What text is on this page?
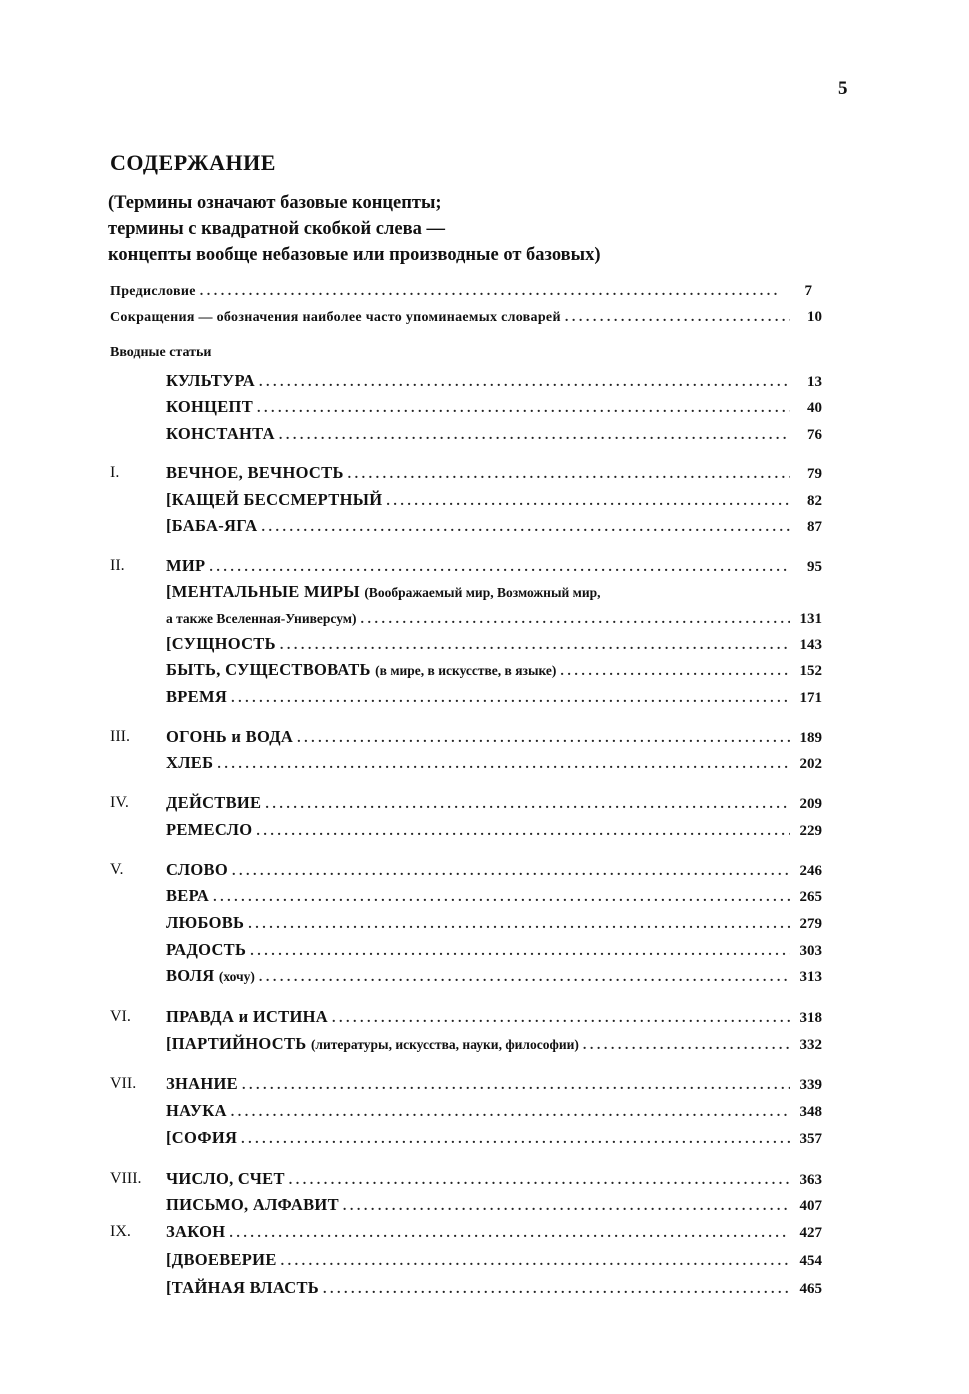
5
СОДЕРЖАНИЕ
(Термины означают базовые концепты;
термины с квадратной скобкой слева —
концепты вообще небазовые или производные от базовых)
Предисловие . . .	7
Сокращения — обозначения наиболее часто упоминаемых словарей . . .	10
Вводные статьи
КУЛЬТУРА . . .	13
КОНЦЕПТ . . .	40
КОНСТАНТА . . .	76
I.	ВЕЧНОЕ, ВЕЧНОСТЬ . . .	79
[КАЩЕЙ БЕССМЕРТНЫЙ . . .	82
[БАБА-ЯГА . . .	87
II.	МИР . . .	95
[МЕНТАЛЬНЫЕ МИРЫ (Воображаемый мир, Возможный мир,
а также Вселенная-Универсум) . . .	131
[СУЩНОСТЬ . . .	143
БЫТЬ, СУЩЕСТВОВАТЬ (в мире, в искусстве, в языке) . . .	152
ВРЕМЯ . . .	171
III. ОГОНЬ и ВОДА . . .	189
ХЛЕБ . . .	202
IV. ДЕЙСТВИЕ . . .	209
РЕМЕСЛО . . .	229
V.	СЛОВО . . .	246
ВЕРА . . .	265
ЛЮБОВЬ . . .	279
РАДОСТЬ . . .	303
ВОЛЯ (хочу) . . .	313
VI. ПРАВДА и ИСТИНА . . .	318
[ПАРТИЙНОСТЬ (литературы, искусства, науки, философии) . . .	332
VII. ЗНАНИЕ . . .	339
НАУКА . . .	348
[СОФИЯ . . .	357
VIII. ЧИСЛО, СЧЕТ . . .	363
ПИСЬМО, АЛФАВИТ . . .	407
IX. ЗАКОН . . .	427
[ДВОЕВЕРИЕ . . .	454
[ТАЙНАЯ ВЛАСТЬ . . .	465
